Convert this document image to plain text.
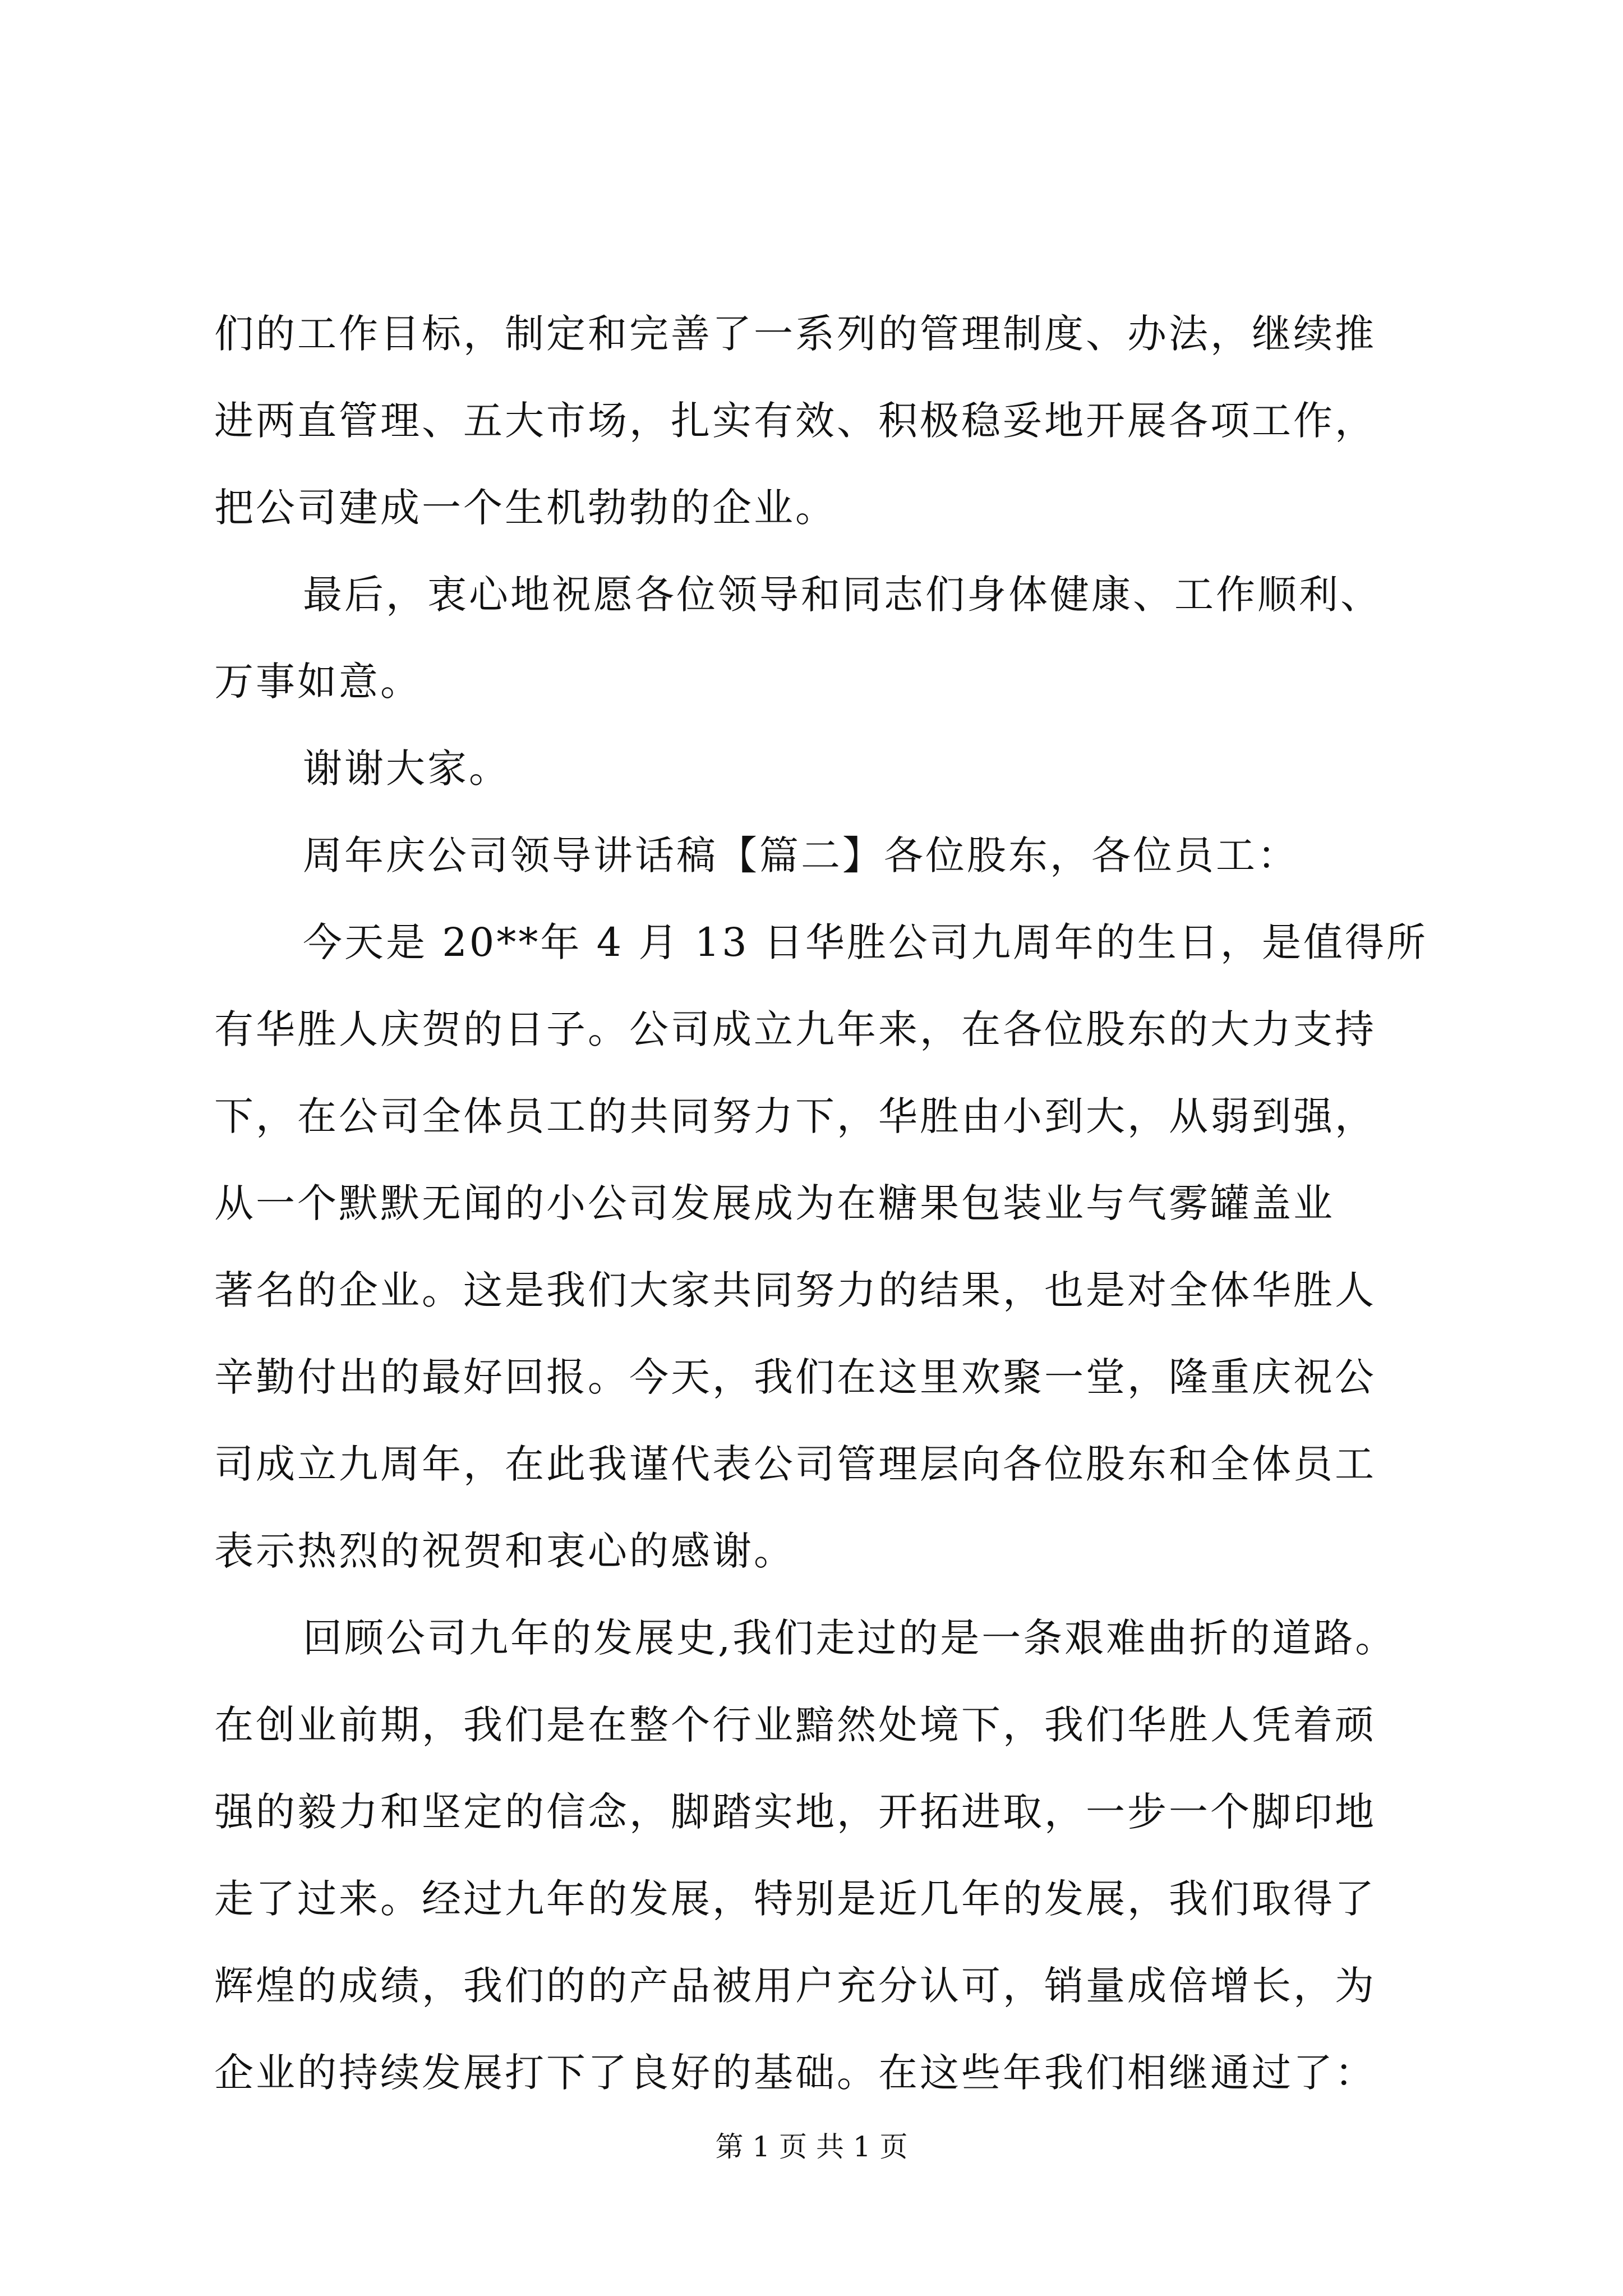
们的工作目标，制定和完善了一系列的管理制度、办法，继续推
进两直管理、五大市场，扎实有效、积极稳妥地开展各项工作，
把公司建成一个生机勃勃的企业。
最后，衷心地祝愿各位领导和同志们身体健康、工作顺利、
万事如意。
谢谢大家。
周年庆公司领导讲话稿【篇二】各位股东，各位员工：
今天是 20**年 4 月 13 日华胜公司九周年的生日，是值得所
有华胜人庆贺的日子。公司成立九年来，在各位股东的大力支持
下，在公司全体员工的共同努力下，华胜由小到大，从弱到强，
从一个默默无闻的小公司发展成为在糖果包装业与气雾罐盖业
著名的企业。这是我们大家共同努力的结果，也是对全体华胜人
辛勤付出的最好回报。今天，我们在这里欢聚一堂，隆重庆祝公
司成立九周年，在此我谨代表公司管理层向各位股东和全体员工
表示热烈的祝贺和衷心的感谢。
回顾公司九年的发展史,我们走过的是一条艰难曲折的道路。
在创业前期，我们是在整个行业黯然处境下，我们华胜人凭着顽
强的毅力和坚定的信念，脚踏实地，开拓进取，一步一个脚印地
走了过来。经过九年的发展，特别是近几年的发展，我们取得了
辉煌的成绩，我们的的产品被用户充分认可，销量成倍增长，为
企业的持续发展打下了良好的基础。在这些年我们相继通过了：
第 1 页 共 1 页
